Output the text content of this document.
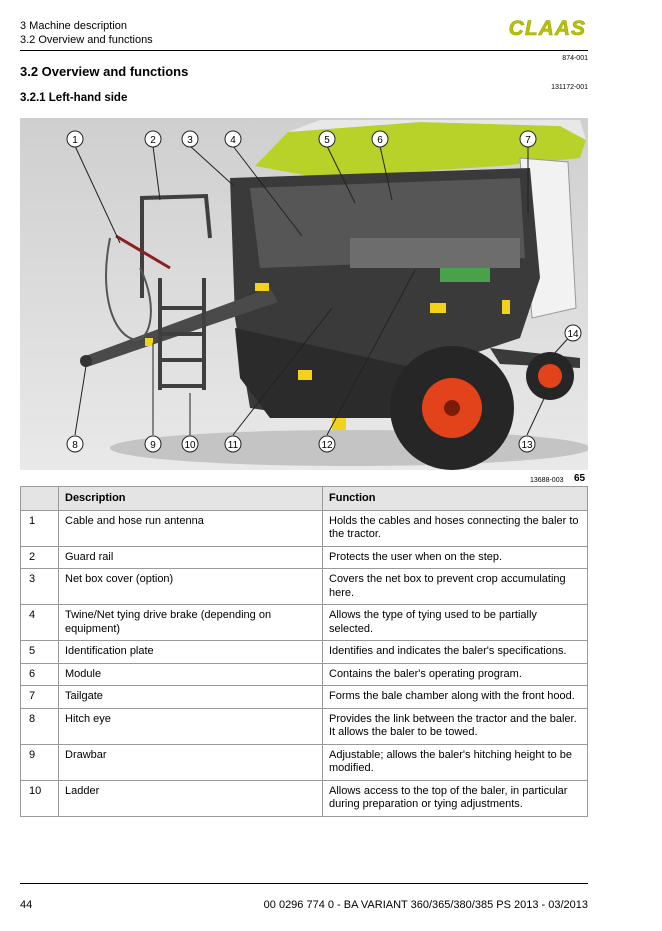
3 Machine description
3.2 Overview and functions	CLAAS
874-001
3.2 Overview and functions
131172-001
3.2.1 Left-hand side
1	2	3	4	5	6	7
8	9	10	11	12	13
14
13688-003 65
	Description	Function
1	Cable and hose run antenna	Holds the cables and hoses connecting the baler to the tractor.
2	Guard rail	Protects the user when on the step.
3	Net box cover (option)	Covers the net box to prevent crop accumulating here.
4	Twine/Net tying drive brake (depending on equipment)	Allows the type of tying used to be partially selected.
5	Identification plate	Identifies and indicates the baler's specifications.
6	Module	Contains the baler's operating program.
7	Tailgate	Forms the bale chamber along with the front hood.
8	Hitch eye	Provides the link between the tractor and the baler. It allows the baler to be towed.
9	Drawbar	Adjustable; allows the baler's hitching height to be modified.
10	Ladder	Allows access to the top of the baler, in particular during preparation or tying adjustments.
44	00 0296 774 0 - BA VARIANT 360/365/380/385 PS 2013 - 03/2013
